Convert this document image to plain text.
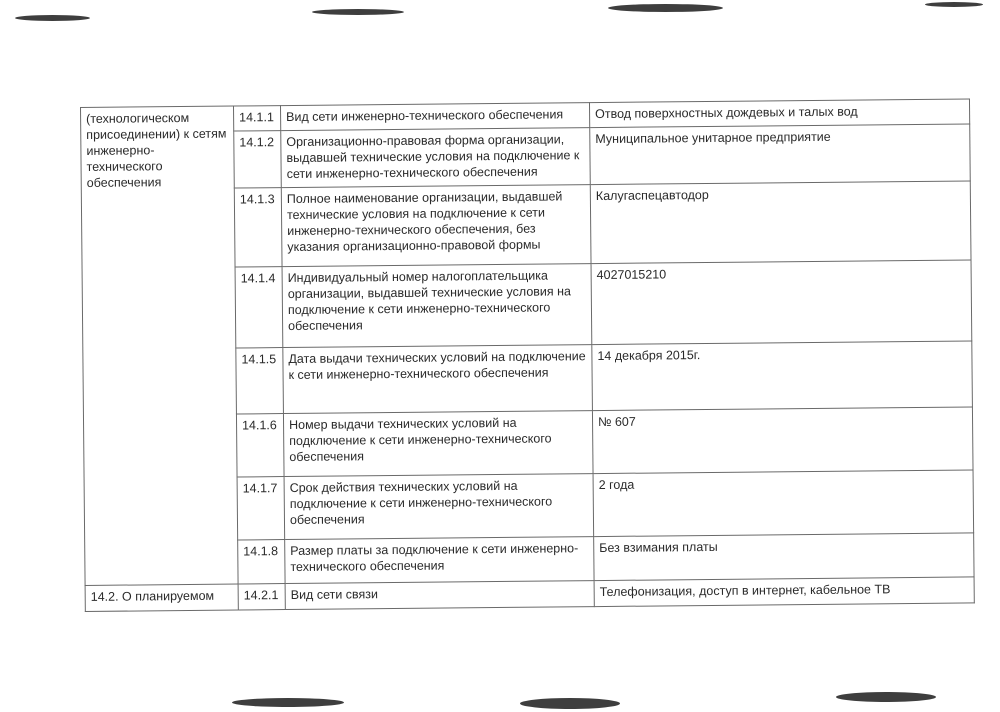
(технологическом присоединении) к сетям инженерно-технического обеспечения	14.1.1	Вид сети инженерно-технического обеспечения	Отвод поверхностных дождевых и талых вод
	14.1.2	Организационно-правовая форма организации, выдавшей технические условия на подключение к сети инженерно-технического обеспечения	Муниципальное унитарное предприятие
	14.1.3	Полное наименование организации, выдавшей технические условия на подключение к сети инженерно-технического обеспечения, без указания организационно-правовой формы	Калугаспецавтодор
	14.1.4	Индивидуальный номер налогоплательщика организации, выдавшей технические условия на подключение к сети инженерно-технического обеспечения	4027015210
	14.1.5	Дата выдачи технических условий на подключение к сети инженерно-технического обеспечения	14 декабря 2015г.
	14.1.6	Номер выдачи технических условий на подключение к сети инженерно-технического обеспечения	№ 607
	14.1.7	Срок действия технических условий на подключение к сети инженерно-технического обеспечения	2 года
	14.1.8	Размер платы за подключение к сети инженерно-технического обеспечения	Без взимания платы
14.2. О планируемом	14.2.1	Вид сети связи	Телефонизация, доступ в интернет, кабельное ТВ
